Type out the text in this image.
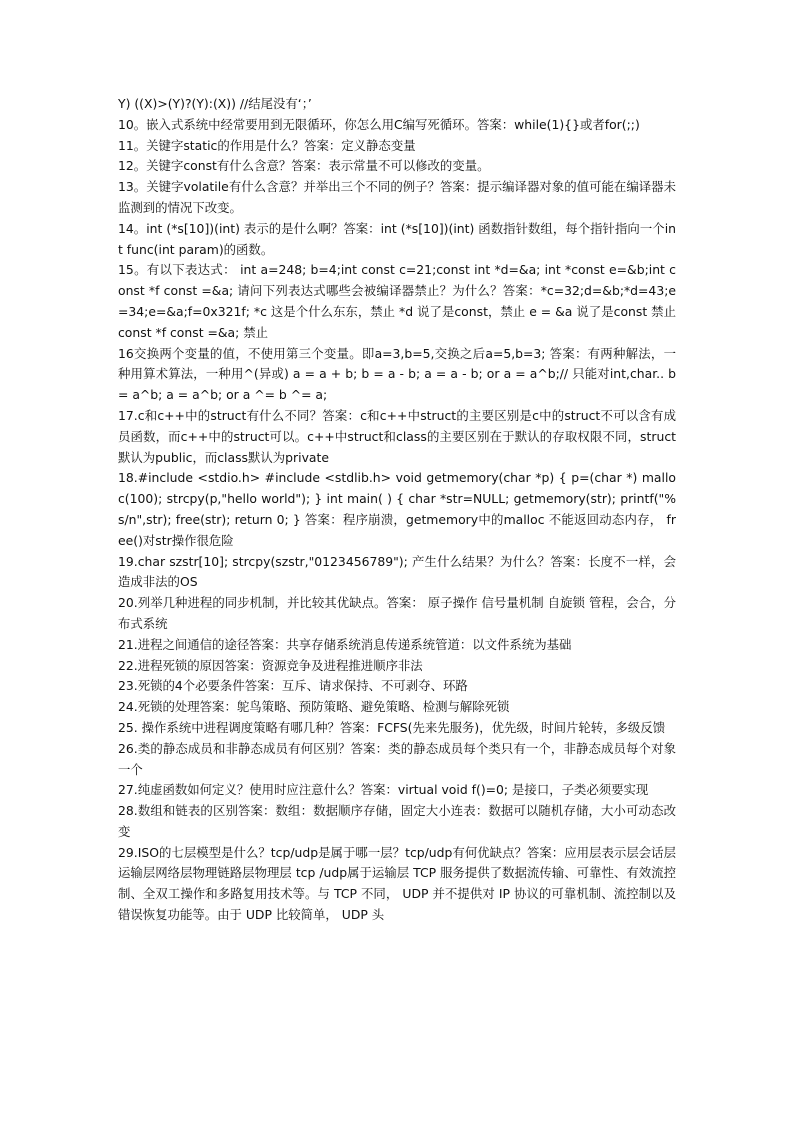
Y) ((X)>(Y)?(Y):(X)) //结尾没有‘；’

10。嵌入式系统中经常要用到无限循环，你怎么用C编写死循环。答案：while(1){}或者for(;;)

11。关键字static的作用是什么？答案：定义静态变量

12。关键字const有什么含意？答案：表示常量不可以修改的变量。

13。关键字volatile有什么含意？并举出三个不同的例子？答案：提示编译器对象的值可能在编译器未监测到的情况下改变。

14。int (*s[10])(int) 表示的是什么啊？答案：int (*s[10])(int) 函数指针数组，每个指针指向一个int func(int param)的函数。

15。有以下表达式： int a=248; b=4;int const c=21;const int *d=&a; int *const e=&b;int const *f const =&a; 请问下列表达式哪些会被编译器禁止？为什么？答案：*c=32;d=&b;*d=43;e=34;e=&a;f=0x321f; *c 这是个什么东东，禁止 *d 说了是const，禁止 e = &a 说了是const 禁止 const *f const =&a; 禁止

16交换两个变量的值，不使用第三个变量。即a=3,b=5,交换之后a=5,b=3; 答案：有两种解法，一种用算术算法，一种用^(异或) a = a + b; b = a - b; a = a - b; or a = a^b;// 只能对int,char.. b = a^b; a = a^b; or a ^= b ^= a;

17.c和c++中的struct有什么不同？答案：c和c++中struct的主要区别是c中的struct不可以含有成员函数，而c++中的struct可以。c++中struct和class的主要区别在于默认的存取权限不同，struct默认为public，而class默认为private

18.#include <stdio.h> #include <stdlib.h> void getmemory(char *p) { p=(char *) malloc(100); strcpy(p,"hello world"); } int main( ) { char *str=NULL; getmemory(str); printf("%s/n",str); free(str); return 0; } 答案：程序崩溃，getmemory中的malloc 不能返回动态内存， free()对str操作很危险

19.char szstr[10]; strcpy(szstr,"0123456789"); 产生什么结果？为什么？答案：长度不一样，会造成非法的OS

20.列举几种进程的同步机制，并比较其优缺点。答案： 原子操作 信号量机制 自旋锁 管程，会合，分布式系统

21.进程之间通信的途径答案：共享存储系统消息传递系统管道：以文件系统为基础

22.进程死锁的原因答案：资源竞争及进程推进顺序非法

23.死锁的4个必要条件答案：互斥、请求保持、不可剥夺、环路

24.死锁的处理答案：鸵鸟策略、预防策略、避免策略、检测与解除死锁

25. 操作系统中进程调度策略有哪几种？答案：FCFS(先来先服务)，优先级，时间片轮转，多级反馈

26.类的静态成员和非静态成员有何区别？答案：类的静态成员每个类只有一个，非静态成员每个对象一个

27.纯虚函数如何定义？使用时应注意什么？答案：virtual void f()=0; 是接口，子类必须要实现

28.数组和链表的区别答案：数组：数据顺序存储，固定大小连表：数据可以随机存储，大小可动态改变

29.ISO的七层模型是什么？tcp/udp是属于哪一层？tcp/udp有何优缺点？答案：应用层表示层会话层运输层网络层物理链路层物理层 tcp /udp属于运输层 TCP 服务提供了数据流传输、可靠性、有效流控制、全双工操作和多路复用技术等。与 TCP 不同， UDP 并不提供对 IP 协议的可靠机制、流控制以及错误恢复功能等。由于 UDP 比较简单， UDP 头
